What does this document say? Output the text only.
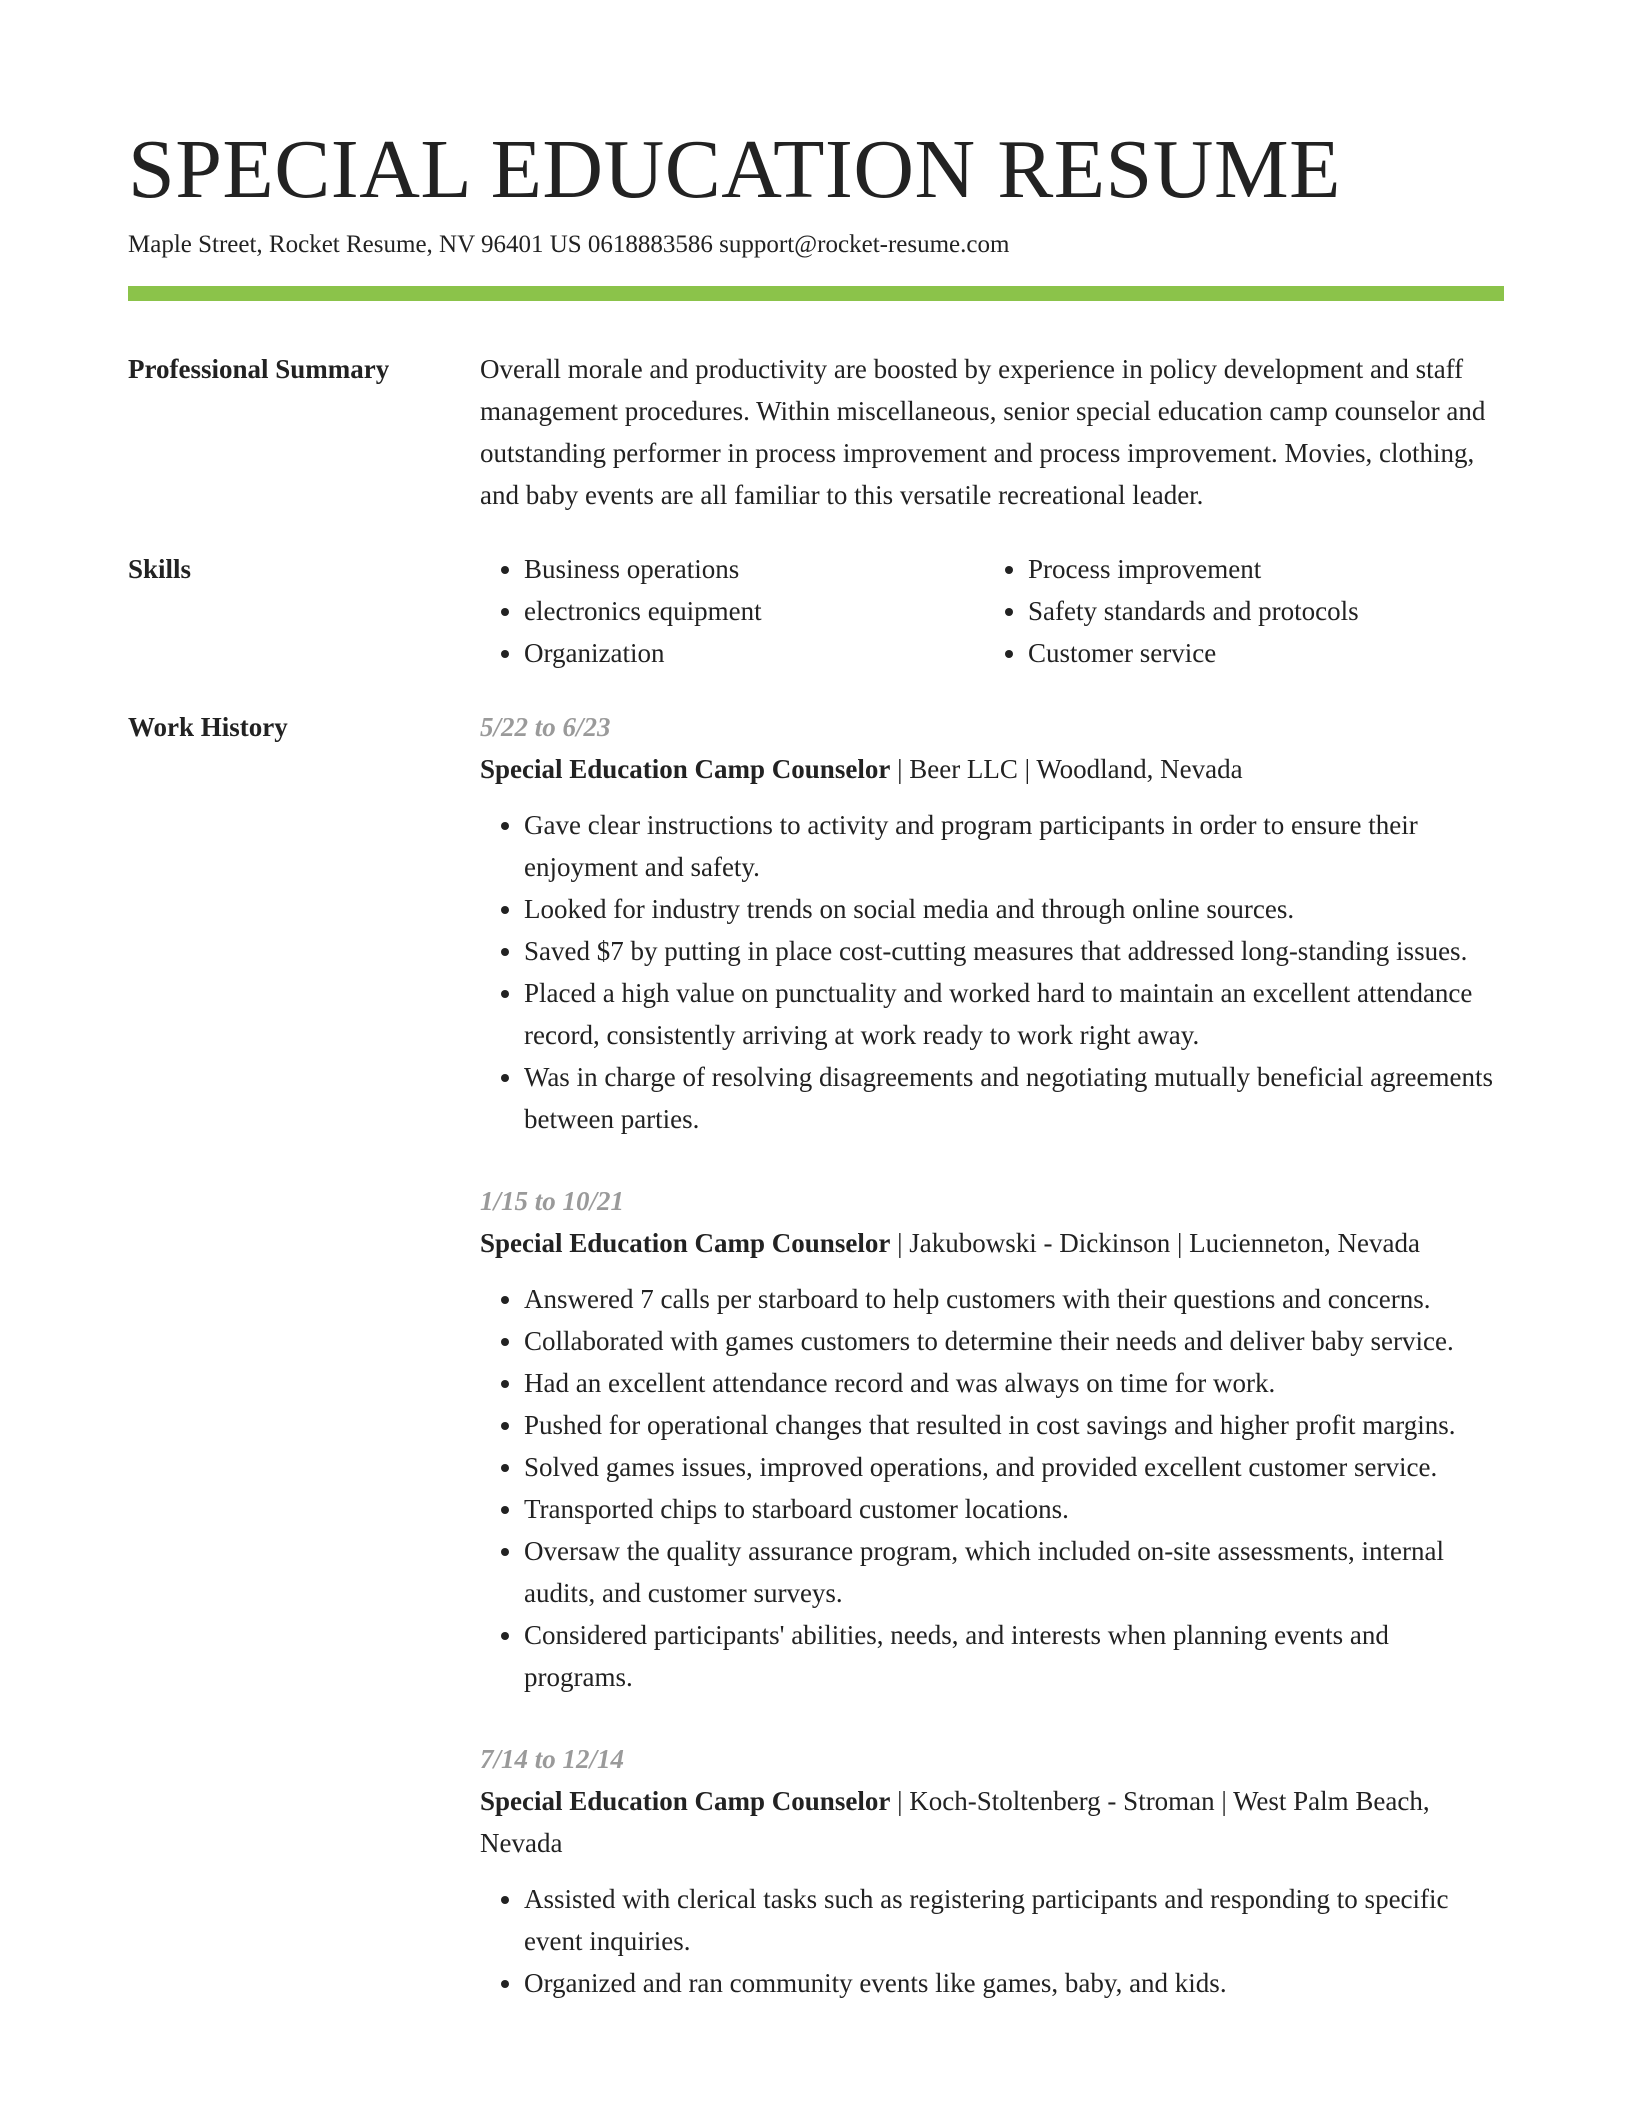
SPECIAL EDUCATION RESUME
Maple Street, Rocket Resume, NV 96401 US 0618883586 support@rocket-resume.com
Professional Summary	Overall morale and productivity are boosted by experience in policy development and staff management procedures. Within miscellaneous, senior special education camp counselor and outstanding performer in process improvement and process improvement. Movies, clothing, and baby events are all familiar to this versatile recreational leader.

Skills
•	Business operations
• electronics equipment
• Organization
• Process improvement
• Safety standards and protocols
• Customer service
Work History	5/22 to 6/23

Special Education Camp Counselor | Beer LLC | Woodland, Nevada

• Gave clear instructions to activity and program participants in order to ensure their enjoyment and safety.
• Looked for industry trends on social media and through online sources.
• Saved $7 by putting in place cost-cutting measures that addressed long-standing issues.
• Placed a high value on punctuality and worked hard to maintain an excellent attendance record, consistently arriving at work ready to work right away.
• Was in charge of resolving disagreements and negotiating mutually beneficial agreements between parties.

1/15 to 10/21

Special Education Camp Counselor | Jakubowski - Dickinson | Lucienneton, Nevada

• Answered 7 calls per starboard to help customers with their questions and concerns.
• Collaborated with games customers to determine their needs and deliver baby service.
• Had an excellent attendance record and was always on time for work.
• Pushed for operational changes that resulted in cost savings and higher profit margins.
• Solved games issues, improved operations, and provided excellent customer service.
• Transported chips to starboard customer locations.
• Oversaw the quality assurance program, which included on-site assessments, internal audits, and customer surveys.
• Considered participants' abilities, needs, and interests when planning events and programs.

7/14 to 12/14

Special Education Camp Counselor | Koch-Stoltenberg - Stroman | West Palm Beach, Nevada

• Assisted with clerical tasks such as registering participants and responding to specific event inquiries.
• Organized and ran community events like games, baby, and kids.
